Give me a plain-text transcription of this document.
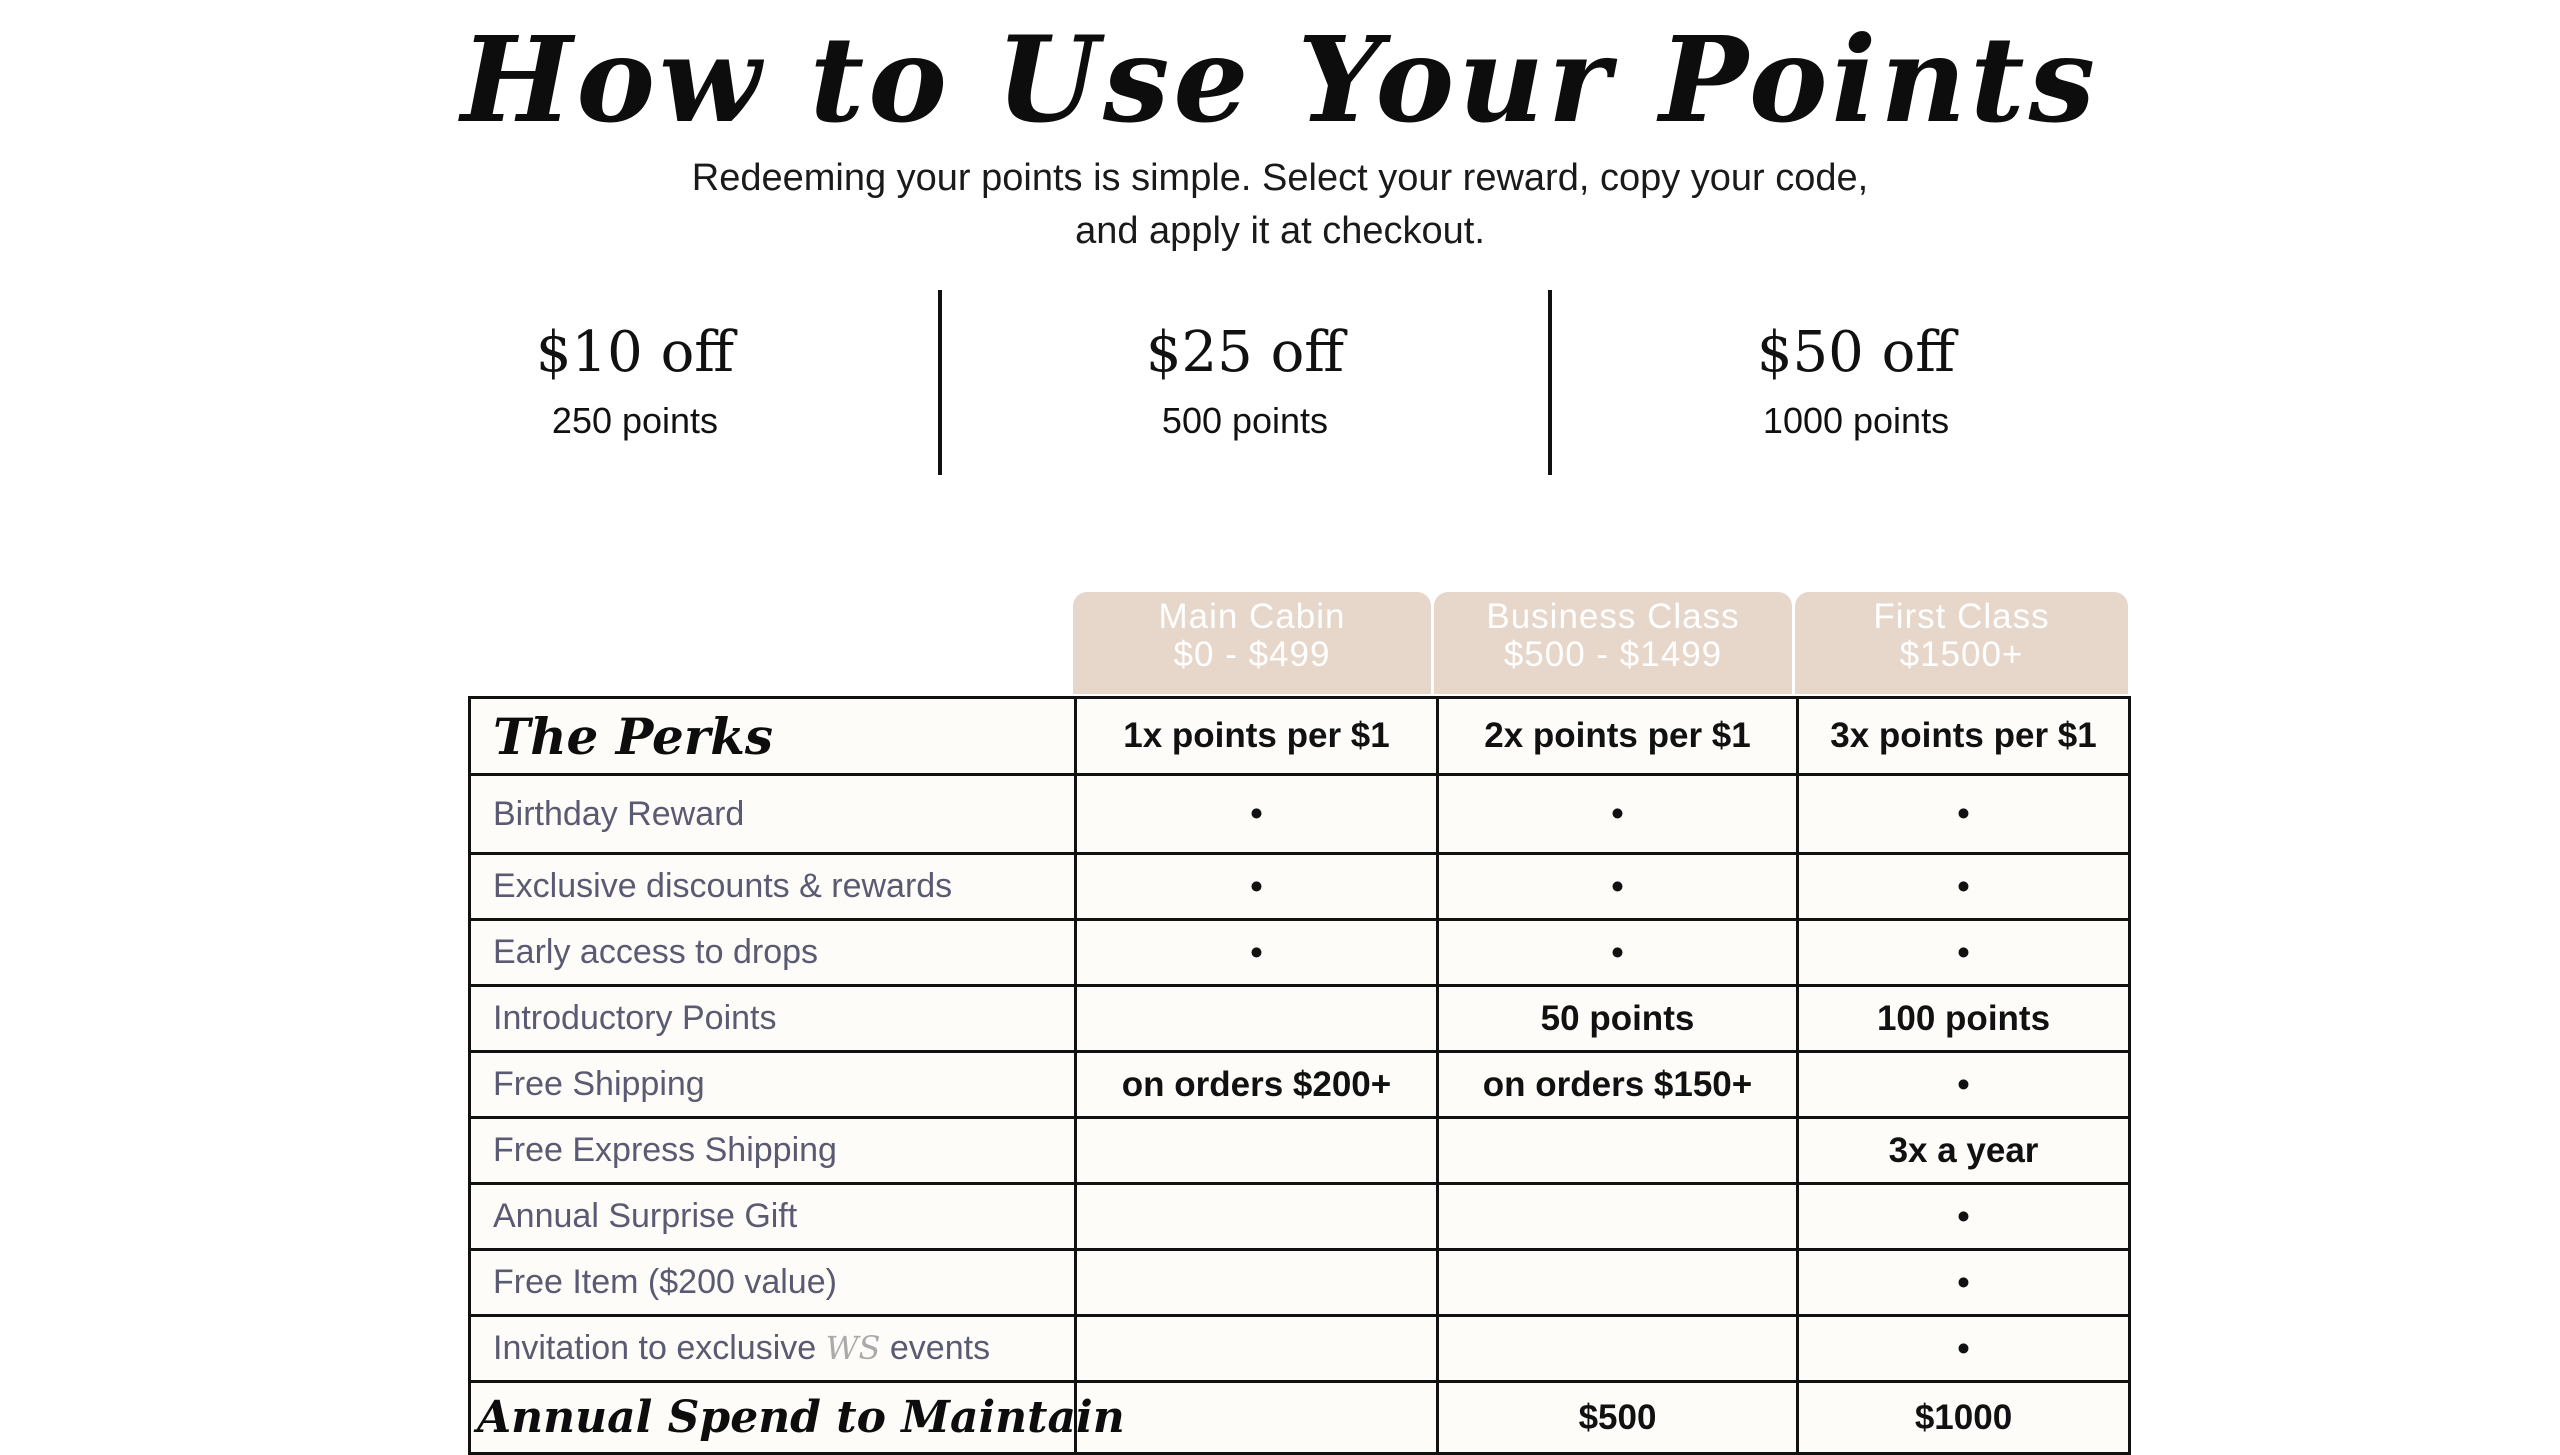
How to Use Your Points
Redeeming your points is simple. Select your reward, copy your code,
and apply it at checkout.
$10 off
250 points
$25 off
500 points
$50 off
1000 points
Main Cabin
$0 - $499
Business Class
$500 - $1499
First Class
$1500+
The Perks	1x points per $1	2x points per $1	3x points per $1
Birthday Reward	•	•	•
Exclusive discounts & rewards	•	•	•
Early access to drops	•	•	•
Introductory Points		50 points	100 points
Free Shipping	on orders $200+	on orders $150+	•
Free Express Shipping			3x a year
Annual Surprise Gift			•
Free Item ($200 value)			•
Invitation to exclusive WS events			•
Annual Spend to Maintain		$500	$1000
